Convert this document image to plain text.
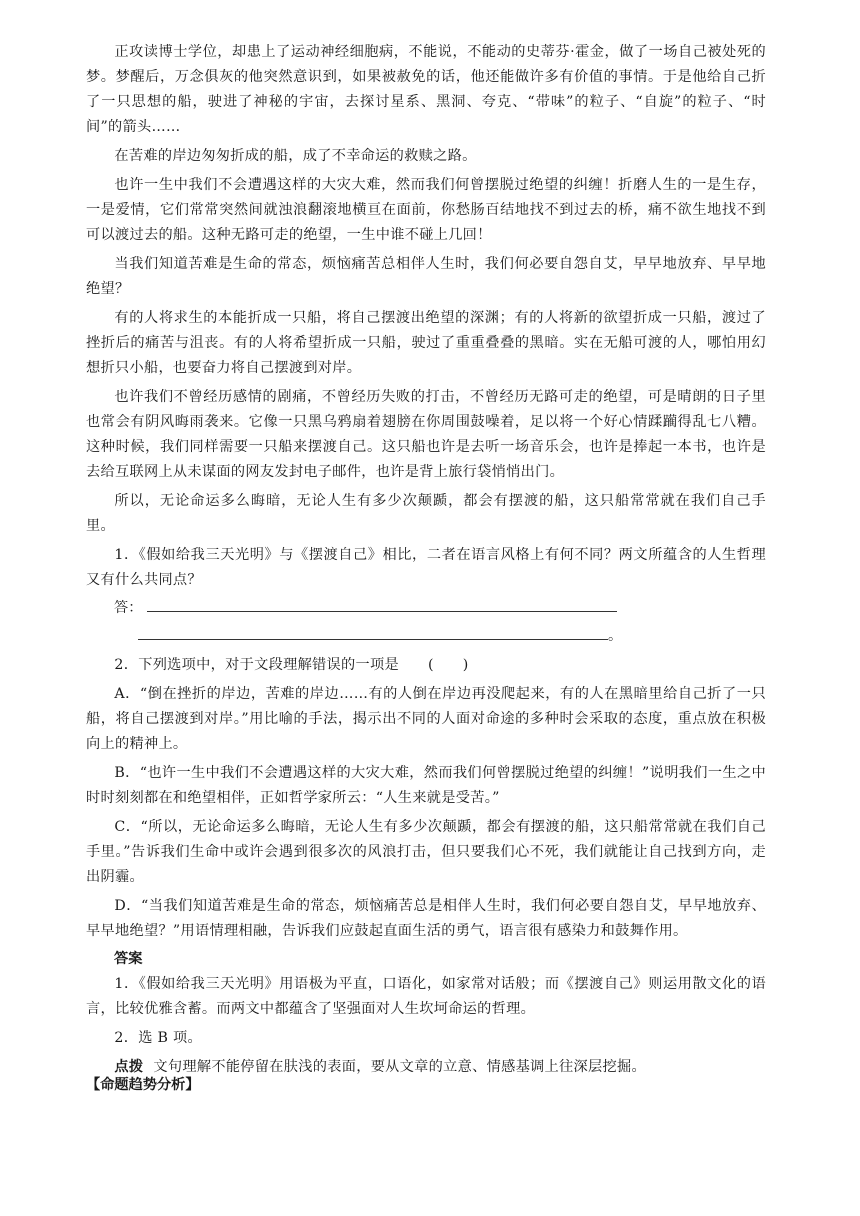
正攻读博士学位，却患上了运动神经细胞病，不能说，不能动的史蒂芬·霍金，做了一场自己被处死的梦。梦醒后，万念俱灰的他突然意识到，如果被赦免的话，他还能做许多有价值的事情。于是他给自己折了一只思想的船，驶进了神秘的宇宙，去探讨星系、黑洞、夸克、“带味”的粒子、“自旋”的粒子、“时间”的箭头……

在苦难的岸边匆匆折成的船，成了不幸命运的救赎之路。

也许一生中我们不会遭遇这样的大灾大难，然而我们何曾摆脱过绝望的纠缠！折磨人生的一是生存，一是爱情，它们常常突然间就浊浪翻滚地横亘在面前，你愁肠百结地找不到过去的桥，痛不欲生地找不到可以渡过去的船。这种无路可走的绝望，一生中谁不碰上几回！

当我们知道苦难是生命的常态，烦恼痛苦总相伴人生时，我们何必要自怨自艾，早早地放弃、早早地绝望？

有的人将求生的本能折成一只船，将自己摆渡出绝望的深渊；有的人将新的欲望折成一只船，渡过了挫折后的痛苦与沮丧。有的人将希望折成一只船，驶过了重重叠叠的黑暗。实在无船可渡的人，哪怕用幻想折只小船，也要奋力将自己摆渡到对岸。

也许我们不曾经历感情的剧痛，不曾经历失败的打击，不曾经历无路可走的绝望，可是晴朗的日子里也常会有阴风晦雨袭来。它像一只黑乌鸦扇着翅膀在你周围鼓噪着，足以将一个好心情蹂躏得乱七八糟。这种时候，我们同样需要一只船来摆渡自己。这只船也许是去听一场音乐会，也许是捧起一本书，也许是去给互联网上从未谋面的网友发封电子邮件，也许是背上旅行袋悄悄出门。

所以，无论命运多么晦暗，无论人生有多少次颠踬，都会有摆渡的船，这只船常常就在我们自己手里。

1．《假如给我三天光明》与《摆渡自己》相比，二者在语言风格上有何不同？两文所蕴含的人生哲理又有什么共同点？

答：
。

2．下列选项中，对于文段理解错误的一项是　　(　　)

A．“倒在挫折的岸边，苦难的岸边……有的人倒在岸边再没爬起来，有的人在黑暗里给自己折了一只船，将自己摆渡到对岸。”用比喻的手法，揭示出不同的人面对命途的多种时会采取的态度，重点放在积极向上的精神上。

B．“也许一生中我们不会遭遇这样的大灾大难，然而我们何曾摆脱过绝望的纠缠！”说明我们一生之中时时刻刻都在和绝望相伴，正如哲学家所云：“人生来就是受苦。”

C．“所以，无论命运多么晦暗，无论人生有多少次颠踬，都会有摆渡的船，这只船常常就在我们自己手里。”告诉我们生命中或许会遇到很多次的风浪打击，但只要我们心不死，我们就能让自己找到方向，走出阴霾。

D．“当我们知道苦难是生命的常态，烦恼痛苦总是相伴人生时，我们何必要自怨自艾，早早地放弃、早早地绝望？”用语情理相融，告诉我们应鼓起直面生活的勇气，语言很有感染力和鼓舞作用。

答案

1．《假如给我三天光明》用语极为平直，口语化，如家常对话般；而《摆渡自己》则运用散文化的语言，比较优雅含蓄。而两文中都蕴含了坚强面对人生坎坷命运的哲理。

2．选 B 项。

点拨 文句理解不能停留在肤浅的表面，要从文章的立意、情感基调上往深层挖掘。

【命题趋势分析】
